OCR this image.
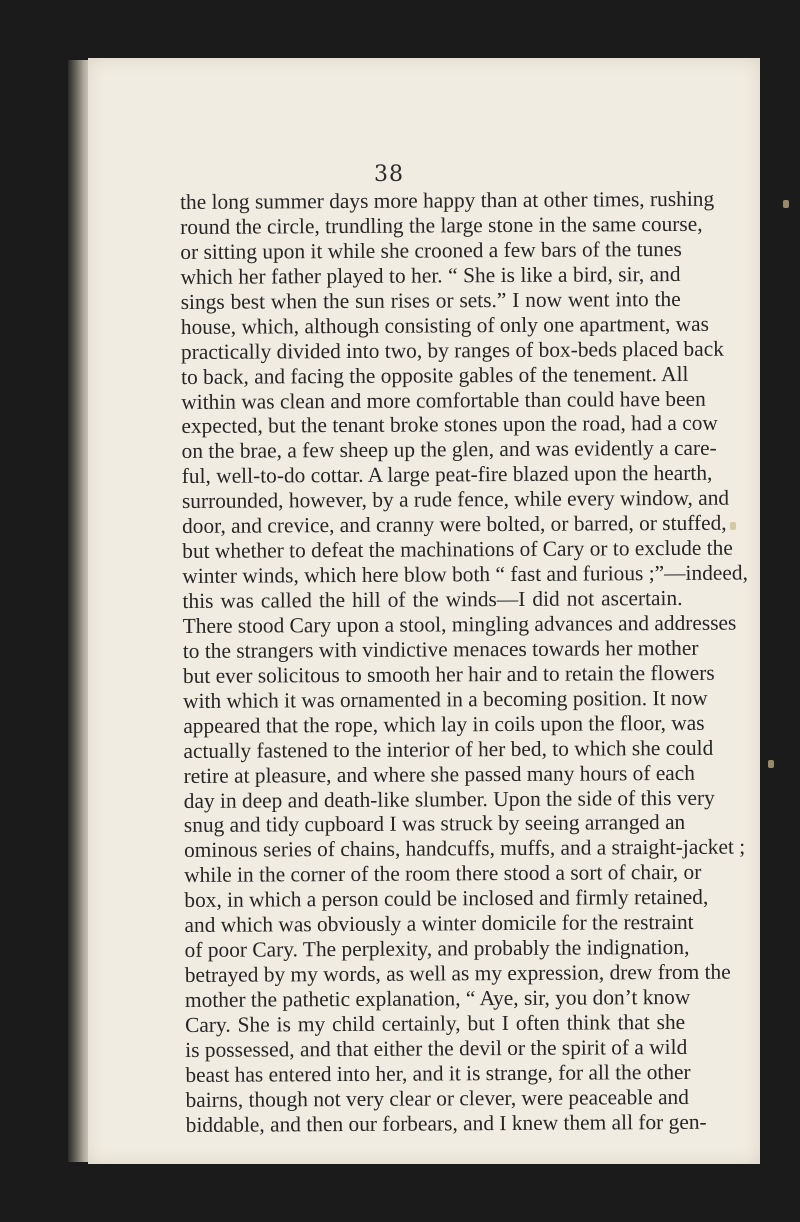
38
the long summer days more happy than at other times, rushing
round the circle, trundling the large stone in the same course,
or sitting upon it while she crooned a few bars of the tunes
which her father played to her. “ She is like a bird, sir, and
sings best when the sun rises or sets.” I now went into the
house, which, although consisting of only one apartment, was
practically divided into two, by ranges of box-beds placed back
to back, and facing the opposite gables of the tenement. All
within was clean and more comfortable than could have been
expected, but the tenant broke stones upon the road, had a cow
on the brae, a few sheep up the glen, and was evidently a care-
ful, well-to-do cottar. A large peat-fire blazed upon the hearth,
surrounded, however, by a rude fence, while every window, and
door, and crevice, and cranny were bolted, or barred, or stuffed,
but whether to defeat the machinations of Cary or to exclude the
winter winds, which here blow both “ fast and furious ;”—indeed,
this was called the hill of the winds—I did not ascertain.
There stood Cary upon a stool, mingling advances and addresses
to the strangers with vindictive menaces towards her mother
but ever solicitous to smooth her hair and to retain the flowers
with which it was ornamented in a becoming position. It now
appeared that the rope, which lay in coils upon the floor, was
actually fastened to the interior of her bed, to which she could
retire at pleasure, and where she passed many hours of each
day in deep and death-like slumber. Upon the side of this very
snug and tidy cupboard I was struck by seeing arranged an
ominous series of chains, handcuffs, muffs, and a straight-jacket ;
while in the corner of the room there stood a sort of chair, or
box, in which a person could be inclosed and firmly retained,
and which was obviously a winter domicile for the restraint
of poor Cary. The perplexity, and probably the indignation,
betrayed by my words, as well as my expression, drew from the
mother the pathetic explanation, “ Aye, sir, you don’t know
Cary. She is my child certainly, but I often think that she
is possessed, and that either the devil or the spirit of a wild
beast has entered into her, and it is strange, for all the other
bairns, though not very clear or clever, were peaceable and
biddable, and then our forbears, and I knew them all for gen-
